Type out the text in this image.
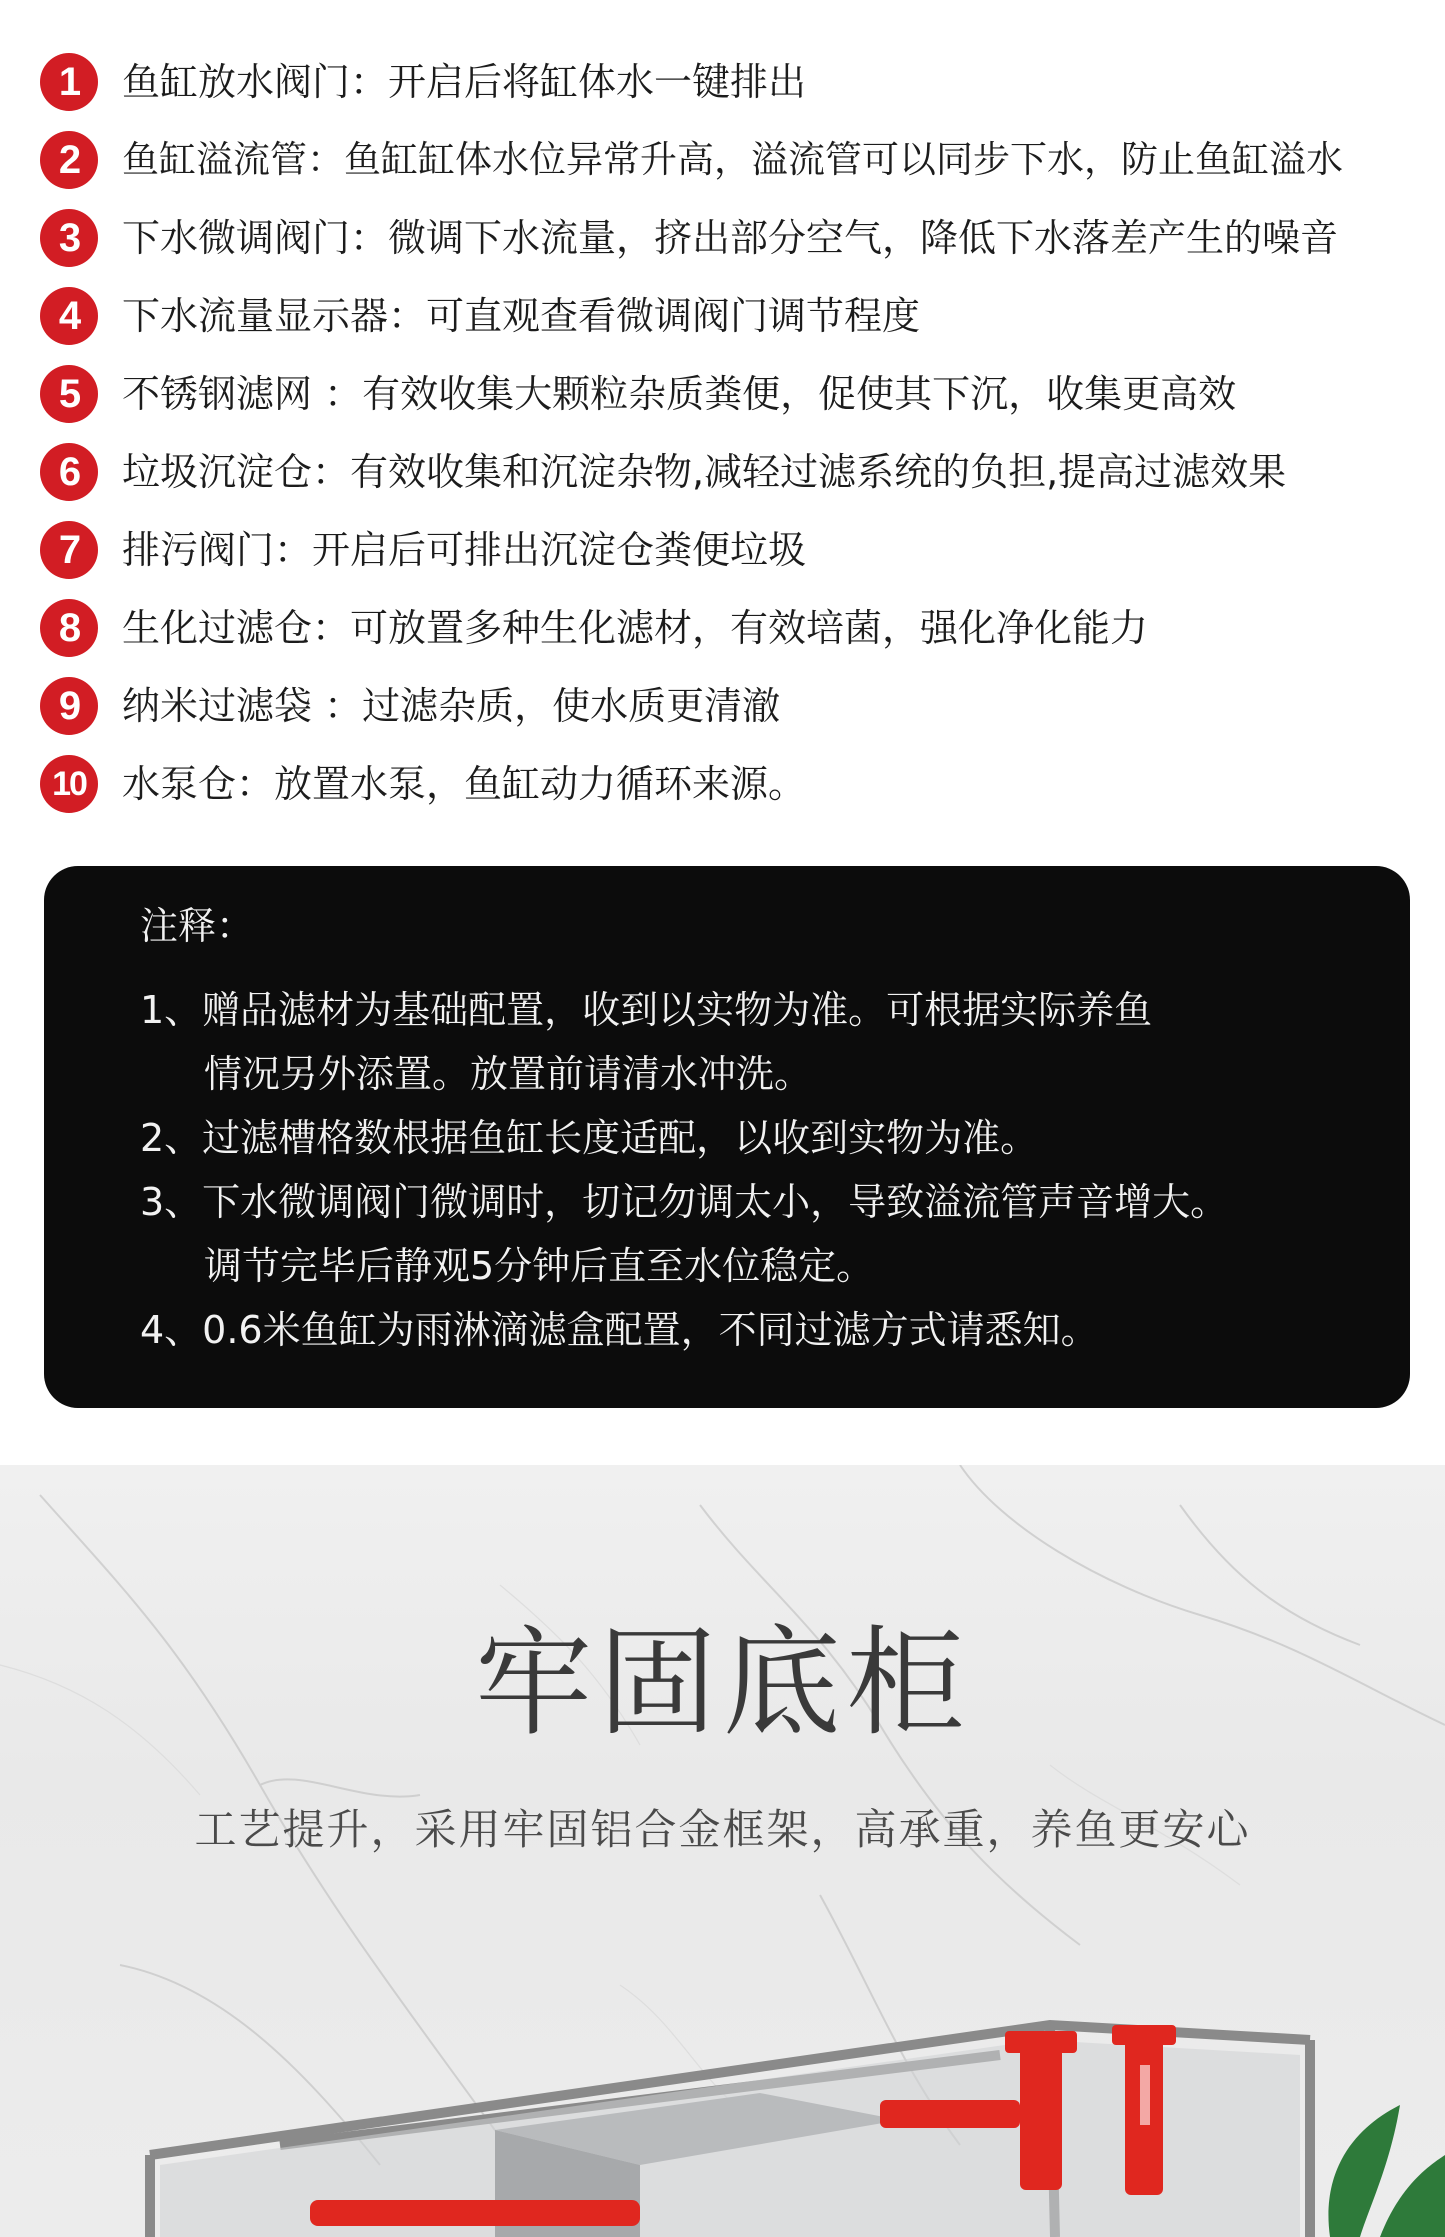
1	鱼缸放水阀门：开启后将缸体水一键排出
2	鱼缸溢流管：鱼缸缸体水位异常升高，溢流管可以同步下水，防止鱼缸溢水
3	下水微调阀门：微调下水流量，挤出部分空气，降低下水落差产生的噪音
4	下水流量显示器：可直观查看微调阀门调节程度
5	不锈钢滤网 ：有效收集大颗粒杂质粪便，促使其下沉，收集更高效
6	垃圾沉淀仓：有效收集和沉淀杂物,减轻过滤系统的负担,提高过滤效果
7	排污阀门：开启后可排出沉淀仓粪便垃圾
8	生化过滤仓：可放置多种生化滤材，有效培菌，强化净化能力
9	纳米过滤袋 ：过滤杂质，使水质更清澈
10 水泵仓：放置水泵，鱼缸动力循环来源。
注释：
1、赠品滤材为基础配置，收到以实物为准。可根据实际养鱼
情况另外添置。放置前请清水冲洗。
2、过滤槽格数根据鱼缸长度适配，以收到实物为准。
3、下水微调阀门微调时，切记勿调太小，导致溢流管声音增大。
调节完毕后静观5分钟后直至水位稳定。
4、0.6米鱼缸为雨淋滴滤盒配置，不同过滤方式请悉知。
牢固底柜
工艺提升，采用牢固铝合金框架，高承重，养鱼更安心
